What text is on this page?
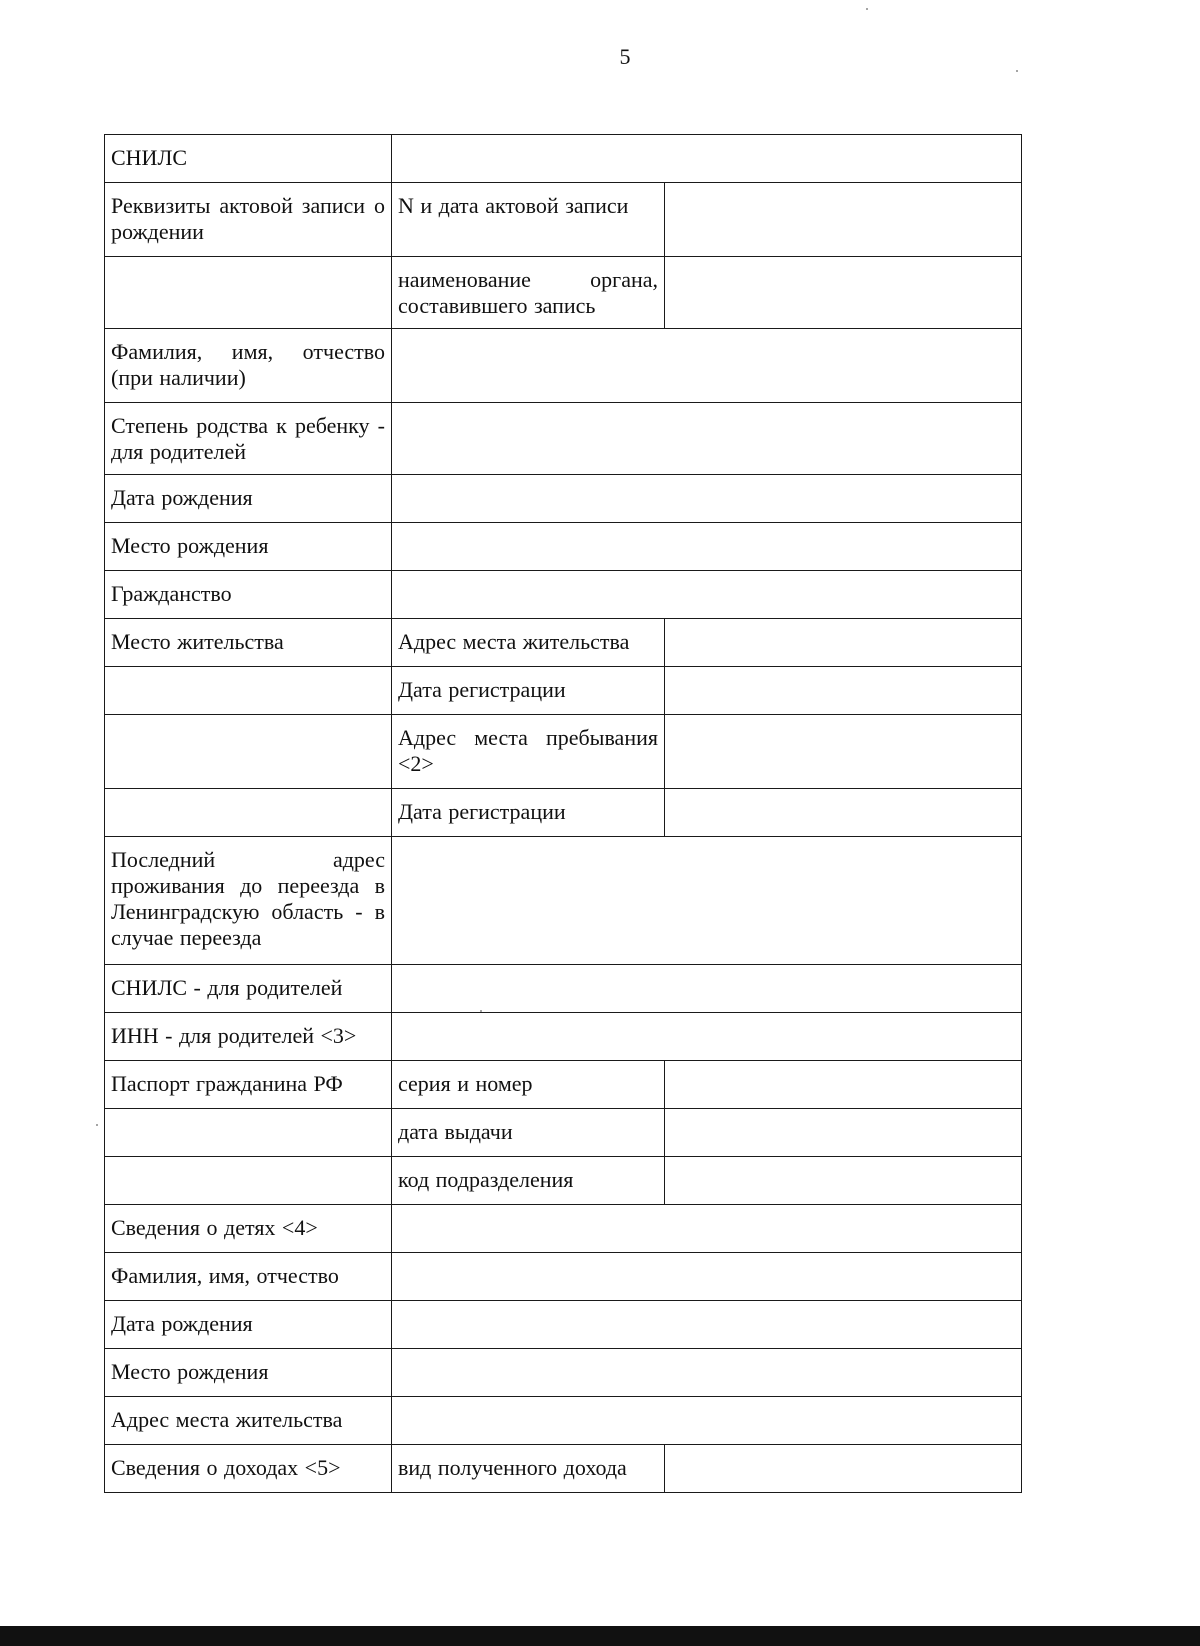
5
СНИЛС		
Реквизиты актовой записи о рождении	N и дата актовой записи	
	наименование органа, составившего запись	
Фамилия, имя, отчество (при наличии)		
Степень родства к ребенку - для родителей		
Дата рождения		
Место рождения		
Гражданство		
Место жительства	Адрес места жительства	
	Дата регистрации	
	Адрес места пребывания <2>	
	Дата регистрации	
Последний адрес проживания до переезда в Ленинградскую область - в случае переезда		
СНИЛС - для родителей		
ИНН - для родителей <3>		
Паспорт гражданина РФ	серия и номер	
	дата выдачи	
	код подразделения	
Сведения о детях <4>		
Фамилия, имя, отчество		
Дата рождения		
Место рождения		
Адрес места жительства		
Сведения о доходах <5>	вид полученного дохода	
